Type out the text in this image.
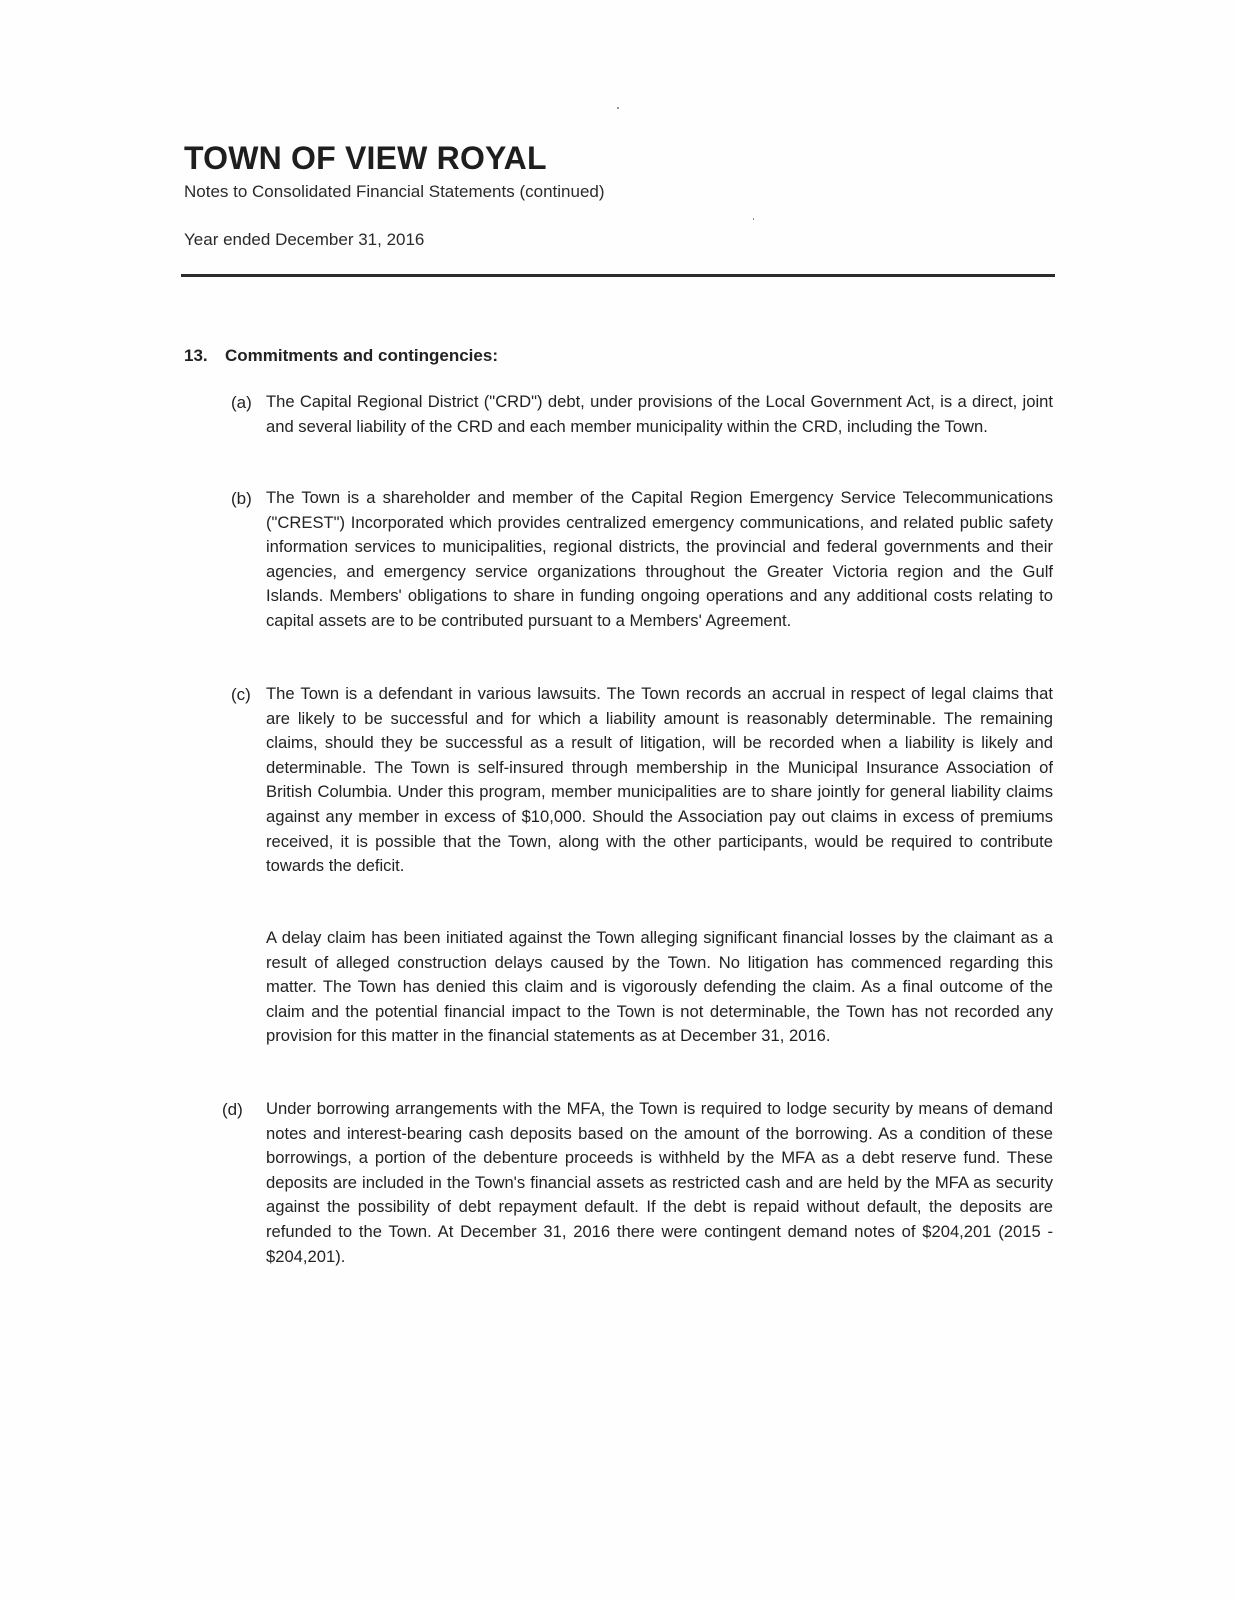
TOWN OF VIEW ROYAL

Notes to Consolidated Financial Statements (continued)

Year ended December 31, 2016

13. Commitments and contingencies:
(a) The Capital Regional District ("CRD") debt, under provisions of the Local Government Act, is a direct, joint and several liability of the CRD and each member municipality within the CRD, including the Town.

(b) The Town is a shareholder and member of the Capital Region Emergency Service Telecommunications ("CREST") Incorporated which provides centralized emergency communications, and related public safety information services to municipalities, regional districts, the provincial and federal governments and their agencies, and emergency service organizations throughout the Greater Victoria region and the Gulf Islands. Members' obligations to share in funding ongoing operations and any additional costs relating to capital assets are to be contributed pursuant to a Members' Agreement.

(c) The Town is a defendant in various lawsuits. The Town records an accrual in respect of legal claims that are likely to be successful and for which a liability amount is reasonably determinable. The remaining claims, should they be successful as a result of litigation, will be recorded when a liability is likely and determinable. The Town is self-insured through membership in the Municipal Insurance Association of British Columbia. Under this program, member municipalities are to share jointly for general liability claims against any member in excess of $10,000. Should the Association pay out claims in excess of premiums received, it is possible that the Town, along with the other participants, would be required to contribute towards the deficit.

A delay claim has been initiated against the Town alleging significant financial losses by the claimant as a result of alleged construction delays caused by the Town. No litigation has commenced regarding this matter. The Town has denied this claim and is vigorously defending the claim. As a final outcome of the claim and the potential financial impact to the Town is not determinable, the Town has not recorded any provision for this matter in the financial statements as at December 31, 2016.

(d) Under borrowing arrangements with the MFA, the Town is required to lodge security by means of demand notes and interest-bearing cash deposits based on the amount of the borrowing. As a condition of these borrowings, a portion of the debenture proceeds is withheld by the MFA as a debt reserve fund. These deposits are included in the Town's financial assets as restricted cash and are held by the MFA as security against the possibility of debt repayment default. If the debt is repaid without default, the deposits are refunded to the Town. At December 31, 2016 there were contingent demand notes of $204,201 (2015 - $204,201).
